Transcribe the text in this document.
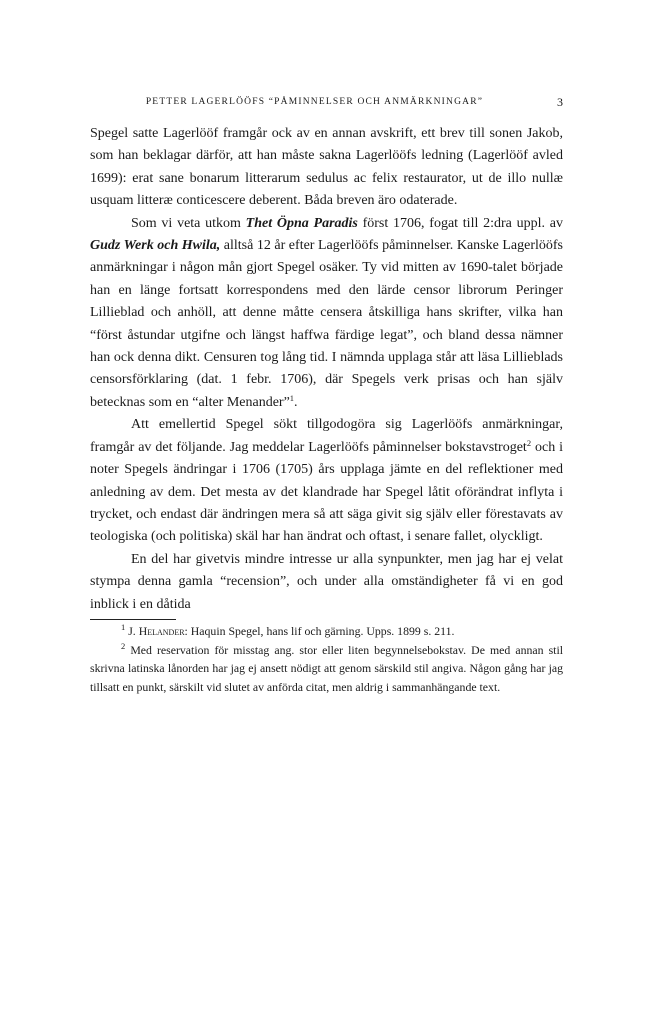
PETTER LAGERLÖÖFS “PÅMINNELSER OCH ANMÄRKNINGAR”	3

Spegel satte Lagerlööf framgår ock av en annan avskrift, ett brev till sonen Jakob, som han beklagar därför, att han måste sakna Lagerlööfs ledning (Lagerlööf avled 1699): erat sane bonarum litterarum sedulus ac felix restaurator, ut de illo nullæ usquam litteræ conticescere deberent. Båda breven äro odaterade.

Som vi veta utkom Thet Öpna Paradis först 1706, fogat till 2:dra uppl. av Gudz Werk och Hwila, alltså 12 år efter Lagerlööfs påminnelser. Kanske Lagerlööfs anmärkningar i någon mån gjort Spegel osäker. Ty vid mitten av 1690-talet började han en länge fortsatt korrespondens med den lärde censor librorum Peringer Lillieblad och anhöll, att denne måtte censera åtskilliga hans skrifter, vilka han “först åstundar utgifne och längst haffwa färdige legat”, och bland dessa nämner han ock denna dikt. Censuren tog lång tid. I nämnda upplaga står att läsa Lillieblads censorsförklaring (dat. 1 febr. 1706), där Spegels verk prisas och han själv betecknas som en “alter Menander”$^1$.

Att emellertid Spegel sökt tillgodogöra sig Lagerlööfs anmärkningar, framgår av det följande. Jag meddelar Lagerlööfs påminnelser bokstavstroget$^2$ och i noter Spegels ändringar i 1706 (1705) års upplaga jämte en del reflektioner med anledning av dem. Det mesta av det klandrade har Spegel låtit oförändrat inflyta i trycket, och endast där ändringen mera så att säga givit sig själv eller förestavats av teologiska (och politiska) skäl har han ändrat och oftast, i senare fallet, olyckligt.

En del har givetvis mindre intresse ur alla synpunkter, men jag har ej velat stympa denna gamla “recension”, och under alla omständigheter få vi en god inblick i en dåtida

$^1$ J. Helander: Haquin Spegel, hans lif och gärning. Upps. 1899 s. 211.

$^2$ Med reservation för misstag ang. stor eller liten begynnelsebokstav. De med annan stil skrivna latinska lånorden har jag ej ansett nödigt att genom särskild stil angiva. Någon gång har jag tillsatt en punkt, särskilt vid slutet av anförda citat, men aldrig i sammanhängande text.
